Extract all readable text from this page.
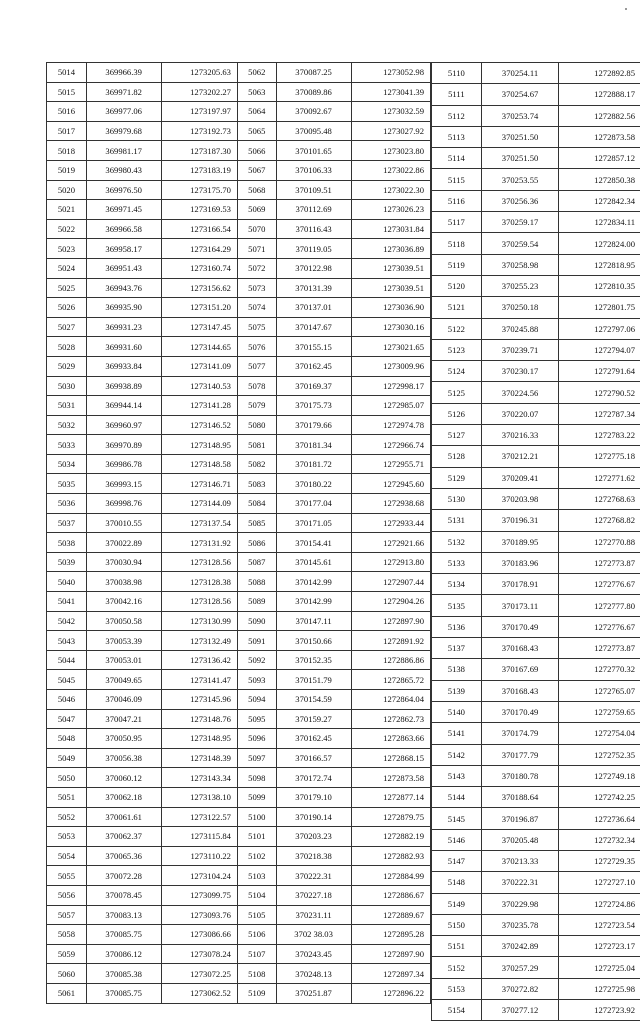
5014	369966.39	1273205.63	5062	370087.25	1273052.98
5015	369971.82	1273202.27	5063	370089.86	1273041.39
5016	369977.06	1273197.97	5064	370092.67	1273032.59
5017	369979.68	1273192.73	5065	370095.48	1273027.92
5018	369981.17	1273187.30	5066	370101.65	1273023.80
5019	369980.43	1273183.19	5067	370106.33	1273022.86
5020	369976.50	1273175.70	5068	370109.51	1273022.30
5021	369971.45	1273169.53	5069	370112.69	1273026.23
5022	369966.58	1273166.54	5070	370116.43	1273031.84
5023	369958.17	1273164.29	5071	370119.05	1273036.89
5024	369951.43	1273160.74	5072	370122.98	1273039.51
5025	369943.76	1273156.62	5073	370131.39	1273039.51
5026	369935.90	1273151.20	5074	370137.01	1273036.90
5027	369931.23	1273147.45	5075	370147.67	1273030.16
5028	369931.60	1273144.65	5076	370155.15	1273021.65
5029	369933.84	1273141.09	5077	370162.45	1273009.96
5030	369938.89	1273140.53	5078	370169.37	1272998.17
5031	369944.14	1273141.28	5079	370175.73	1272985.07
5032	369960.97	1273146.52	5080	370179.66	1272974.78
5033	369970.89	1273148.95	5081	370181.34	1272966.74
5034	369986.78	1273148.58	5082	370181.72	1272955.71
5035	369993.15	1273146.71	5083	370180.22	1272945.60
5036	369998.76	1273144.09	5084	370177.04	1272938.68
5037	370010.55	1273137.54	5085	370171.05	1272933.44
5038	370022.89	1273131.92	5086	370154.41	1272921.66
5039	370030.94	1273128.56	5087	370145.61	1272913.80
5040	370038.98	1273128.38	5088	370142.99	1272907.44
5041	370042.16	1273128.56	5089	370142.99	1272904.26
5042	370050.58	1273130.99	5090	370147.11	1272897.90
5043	370053.39	1273132.49	5091	370150.66	1272891.92
5044	370053.01	1273136.42	5092	370152.35	1272886.86
5045	370049.65	1273141.47	5093	370151.79	1272865.72
5046	370046.09	1273145.96	5094	370154.59	1272864.04
5047	370047.21	1273148.76	5095	370159.27	1272862.73
5048	370050.95	1273148.95	5096	370162.45	1272863.66
5049	370056.38	1273148.39	5097	370166.57	1272868.15
5050	370060.12	1273143.34	5098	370172.74	1272873.58
5051	370062.18	1273138.10	5099	370179.10	1272877.14
5052	370061.61	1273122.57	5100	370190.14	1272879.75
5053	370062.37	1273115.84	5101	370203.23	1272882.19
5054	370065.36	1273110.22	5102	370218.38	1272882.93
5055	370072.28	1273104.24	5103	370222.31	1272884.99
5056	370078.45	1273099.75	5104	370227.18	1272886.67
5057	370083.13	1273093.76	5105	370231.11	1272889.67
5058	370085.75	1273086.66	5106	3702 38.03	1272895.28
5059	370086.12	1273078.24	5107	370243.45	1272897.90
5060	370085.38	1273072.25	5108	370248.13	1272897.34
5061	370085.75	1273062.52	5109	370251.87	1272896.22
5110	370254.11	1272892.85
5111	370254.67	1272888.17
5112	370253.74	1272882.56
5113	370251.50	1272873.58
5114	370251.50	1272857.12
5115	370253.55	1272850.38
5116	370256.36	1272842.34
5117	370259.17	1272834.11
5118	370259.54	1272824.00
5119	370258.98	1272818.95
5120	370255.23	1272810.35
5121	370250.18	1272801.75
5122	370245.88	1272797.06
5123	370239.71	1272794.07
5124	370230.17	1272791.64
5125	370224.56	1272790.52
5126	370220.07	1272787.34
5127	370216.33	1272783.22
5128	370212.21	1272775.18
5129	370209.41	1272771.62
5130	370203.98	1272768.63
5131	370196.31	1272768.82
5132	370189.95	1272770.88
5133	370183.96	1272773.87
5134	370178.91	1272776.67
5135	370173.11	1272777.80
5136	370170.49	1272776.67
5137	370168.43	1272773.87
5138	370167.69	1272770.32
5139	370168.43	1272765.07
5140	370170.49	1272759.65
5141	370174.79	1272754.04
5142	370177.79	1272752.35
5143	370180.78	1272749.18
5144	370188.64	1272742.25
5145	370196.87	1272736.64
5146	370205.48	1272732.34
5147	370213.33	1272729.35
5148	370222.31	1272727.10
5149	370229.98	1272724.86
5150	370235.78	1272723.54
5151	370242.89	1272723.17
5152	370257.29	1272725.04
5153	370272.82	1272725.98
5154	370277.12	1272723.92
